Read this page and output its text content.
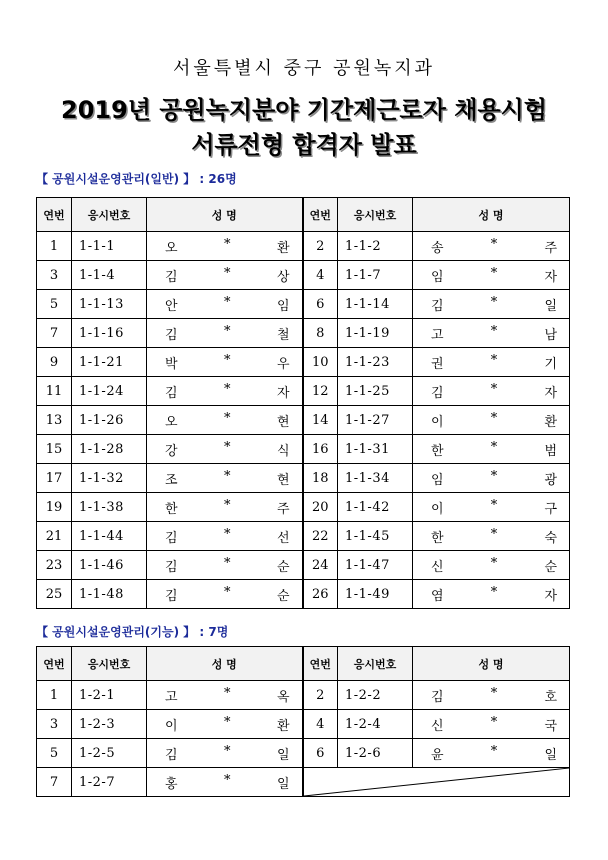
서울특별시 중구 공원녹지과
2019년 공원녹지분야 기간제근로자 채용시험
서류전형 합격자 발표
【 공원시설운영관리(일반) 】 : 26명
연번	응시번호	성 명	연번	응시번호	성 명
1	1-1-1	오 * 환	2	1-1-2	송 * 주

3	1-1-4	김 * 상	4	1-1-7	임 * 자

5	1-1-13	안 * 임	6	1-1-14	김 * 일

7	1-1-16	김 * 철	8	1-1-19	고 * 남

9	1-1-21	박 * 우	10	1-1-23	권 * 기

11	1-1-24	김 * 자	12	1-1-25	김 * 자

13	1-1-26	오 * 현	14	1-1-27	이 * 환

15	1-1-28	강 * 식	16	1-1-31	한 * 범

17	1-1-32	조 * 현	18	1-1-34	임 * 광

19	1-1-38	한 * 주	20	1-1-42	이 * 구

21	1-1-44	김 * 선	22	1-1-45	한 * 숙

23	1-1-46	김 * 순	24	1-1-47	신 * 순

25	1-1-48	김 * 순	26	1-1-49	염 * 자
【 공원시설운영관리(기능) 】 : 7명
연번	응시번호	성 명	연번	응시번호	성 명
1	1-2-1	고 * 옥	2	1-2-2	김 * 호

3	1-2-3	이 * 환	4	1-2-4	신 * 국

5	1-2-5	김 * 일	6	1-2-6	윤 * 일

7	1-2-7	홍 * 일
